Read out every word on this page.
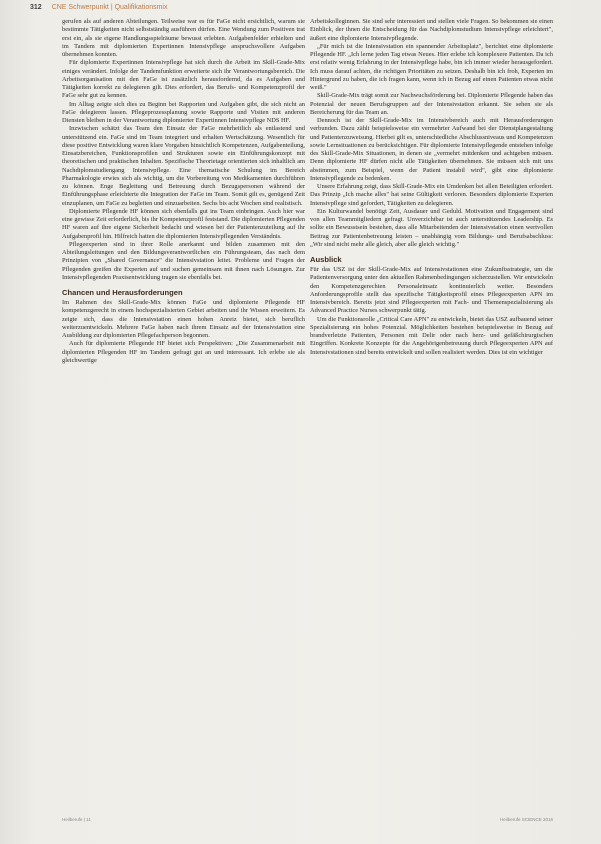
312 CNE Schwerpunkt | Qualifikationsmix

gerufen als auf anderen Abteilungen. Teilweise war es für FaGe nicht ersichtlich, warum sie bestimmte Tätigkeiten nicht selbstständig ausführen dürfen. Eine Wendung zum Positiven trat erst ein, als sie eigene Handlungsspielräume bewusst erlebten. Aufgabenfelder erhielten und im Tandem mit diplomierten Expertinnen Intensivpflege anspruchsvollere Aufgaben übernehmen konnten.

Für diplomierte Expertinnen Intensivpflege hat sich durch die Arbeit im Skill-Grade-Mix einiges verändert. Infolge der Tandemfunktion erweiterte sich ihr Verantwortungsbereich. Die Arbeitsorganisation mit den FaGe ist zusätzlich herausfordernd, da es Aufgaben und Tätigkeiten korrekt zu delegieren gilt. Dies erfordert, das Berufs- und Kompetenzprofil der FaGe sehr gut zu kennen.

Im Alltag zeigte sich dies zu Beginn bei Rapporten und Aufgaben gibt, die sich nicht an FaGe delegieren lassen. Pflegeprozessplanung sowie Rapporte und Visiten mit anderen Diensten bleiben in der Verantwortung diplomierter Expertinnen Intensivpflege NDS HF.

Inzwischen schätzt das Team den Einsatz der FaGe mehrheitlich als entlastend und unterstützend ein. FaGe sind im Team integriert und erhalten Wertschätzung. Wesentlich für diese positive Entwicklung waren klare Vorgaben hinsichtlich Kompetenzen, Aufgabenteilung, Einsatzbereichen, Funktionsprofilen und Strukturen sowie ein Einführungskonzept mit theoretischen und praktischen Inhalten. Spezifische Theorietage orientierten sich inhaltlich am Nachdiplomstudiengang Intensivpflege. Eine thematische Schulung im Bereich Pharmakologie erwies sich als wichtig, um die Vorbereitung von Medikamenten durchführen zu können. Enge Begleitung und Betreuung durch Bezugspersonen während der Einführungsphase erleichterte die Integration der FaGe im Team. Somit gilt es, genügend Zeit einzuplanen, um FaGe zu begleiten und einzuarbeiten. Sechs bis acht Wochen sind realistisch.

Diplomierte Pflegende HF können sich ebenfalls gut ins Team einbringen. Auch hier war eine gewisse Zeit erforderlich, bis ihr Kompetenzprofil feststand. Die diplomierten Pflegenden HF waren auf ihre eigene Sicherheit bedacht und wiesen bei der Patientenzuteilung auf ihr Aufgabenprofil hin. Hilfreich hatten die diplomierten Intensivpflegenden Verständnis.

Pflegeexperten sind in ihrer Rolle anerkannt und bilden zusammen mit den Abteilungsleitungen und den Bildungsverantwortlichen ein Führungsteam, das nach dem Prinzipien von „Shared Governance" die Intensivstation leitet. Probleme und Fragen der Pflegenden greifen die Experten auf und suchen gemeinsam mit ihnen nach Lösungen. Zur Intensivpflegenden Praxisentwicklung tragen sie ebenfalls bei.

Chancen und Herausforderungen

Im Rahmen des Skill-Grade-Mix können FaGe und diplomierte Pflegende HF kompetenzgerecht in einem hochspezialisierten Gebiet arbeiten und ihr Wissen erweitern. Es zeigte sich, dass die Intensivstation einen hohen Anreiz bietet, sich beruflich weiterzuentwickeln. Mehrere FaGe haben nach ihrem Einsatz auf der Intensivstation eine Ausbildung zur diplomierten Pflegefachperson begonnen.

Auch für diplomierte Pflegende HF bietet sich Perspektiven: „Die Zusammenarbeit mit diplomierten Pflegenden HF im Tandem gefragt gut an und interessant. Ich erlebe sie als gleichwertige

Arbeitskolleginnen. Sie sind sehr interessiert und stellen viele Fragen. So bekommen sie einen Einblick, der ihnen die Entscheidung für das Nachdiplomstudium Intensivpflege erleichtert", äußert eine diplomierte Intensivpflegende.

„Für mich ist die Intensivstation ein spannender Arbeitsplatz", berichtet eine diplomierte Pflegende HF. „Ich lerne jeden Tag etwas Neues. Hier erlebe ich komplexere Patienten. Da ich erst relativ wenig Erfahrung in der Intensivpflege habe, bin ich immer wieder herausgefordert. Ich muss darauf achten, die richtigen Prioritäten zu setzen. Deshalb bin ich froh, Experten im Hintergrund zu haben, die ich fragen kann, wenn ich in Bezug auf einen Patienten etwas nicht weiß."

Skill-Grade-Mix trägt somit zur Nachwuchsförderung bei. Diplomierte Pflegende haben das Potenzial der neuen Berufsgruppen auf der Intensivstation erkannt. Sie sehen sie als Bereicherung für das Team an.

Dennoch ist der Skill-Grade-Mix im Intensivbereich auch mit Herausforderungen verbunden. Dazu zählt beispielsweise ein vermehrter Aufwand bei der Dienstplangestaltung und Patientenzuweisung. Hierbei gilt es, unterschiedliche Abschlussniveaus und Kompetenzen sowie Lernsituationen zu berücksichtigen. Für diplomierte Intensivpflegende entstehen infolge des Skill-Grade-Mix Situationen, in denen sie „vermehrt mitdenken und achtgeben müssen. Denn diplomierte HF dürfen nicht alle Tätigkeiten übernehmen. Sie müssen sich mit uns abstimmen, zum Beispiel, wenn der Patient instabil wird", gibt eine diplomierte Intensivpflegende zu bedenken.

Unsere Erfahrung zeigt, dass Skill-Grade-Mix ein Umdenken bei allen Beteiligten erfordert. Das Prinzip „Ich mache alles" hat seine Gültigkeit verloren. Besonders diplomierte Experten Intensivpflege sind gefordert, Tätigkeiten zu delegieren.

Ein Kulturwandel benötigt Zeit, Ausdauer und Geduld. Motivation und Engagement sind von allen Teammitgliedern gefragt. Unverzichtbar ist auch unterstützendes Leadership. Es sollte ein Bewusstsein bestehen, dass alle Mitarbeitenden der Intensivstation einen wertvollen Beitrag zur Patientenbetreuung leisten – unabhängig vom Bildungs- und Berufsabschluss: „Wir sind nicht mehr alle gleich, aber alle gleich wichtig."

Ausblick

Für das USZ ist der Skill-Grade-Mix auf Intensivstationen eine Zukunftsstrategie, um die Patientenversorgung unter den aktuellen Rahmenbedingungen sicherzustellen. Wir entwickeln den Kompetenzgerechten Personaleinsatz kontinuierlich weiter. Besonders Anforderungsprofile stellt das spezifische Tätigkeitsprofil eines Pflegeexperten APN im Intensivbereich. Bereits jetzt sind Pflegeexperten mit Fach- und Themenspezialisierung als Advanced Practice Nurses schwerpunkt tätig.

Um die Funktionsrolle „Critical Care APN" zu entwickeln, bietet das USZ aufbauend seiner Spezialisierung ein hohes Potenzial. Möglichkeiten bestehen beispielsweise in Bezug auf brandverletzte Patienten, Personen mit Delir oder nach herz- und gefäßchirurgischen Eingriffen. Konkrete Konzepte für die Angehörigenbetreuung durch Pflegeexperten APN auf Intensivstationen sind bereits entwickelt und sollen realisiert werden. Dies ist ein wichtiger

Heilberufe | 11	Heilberufe SCIENCE 2016
